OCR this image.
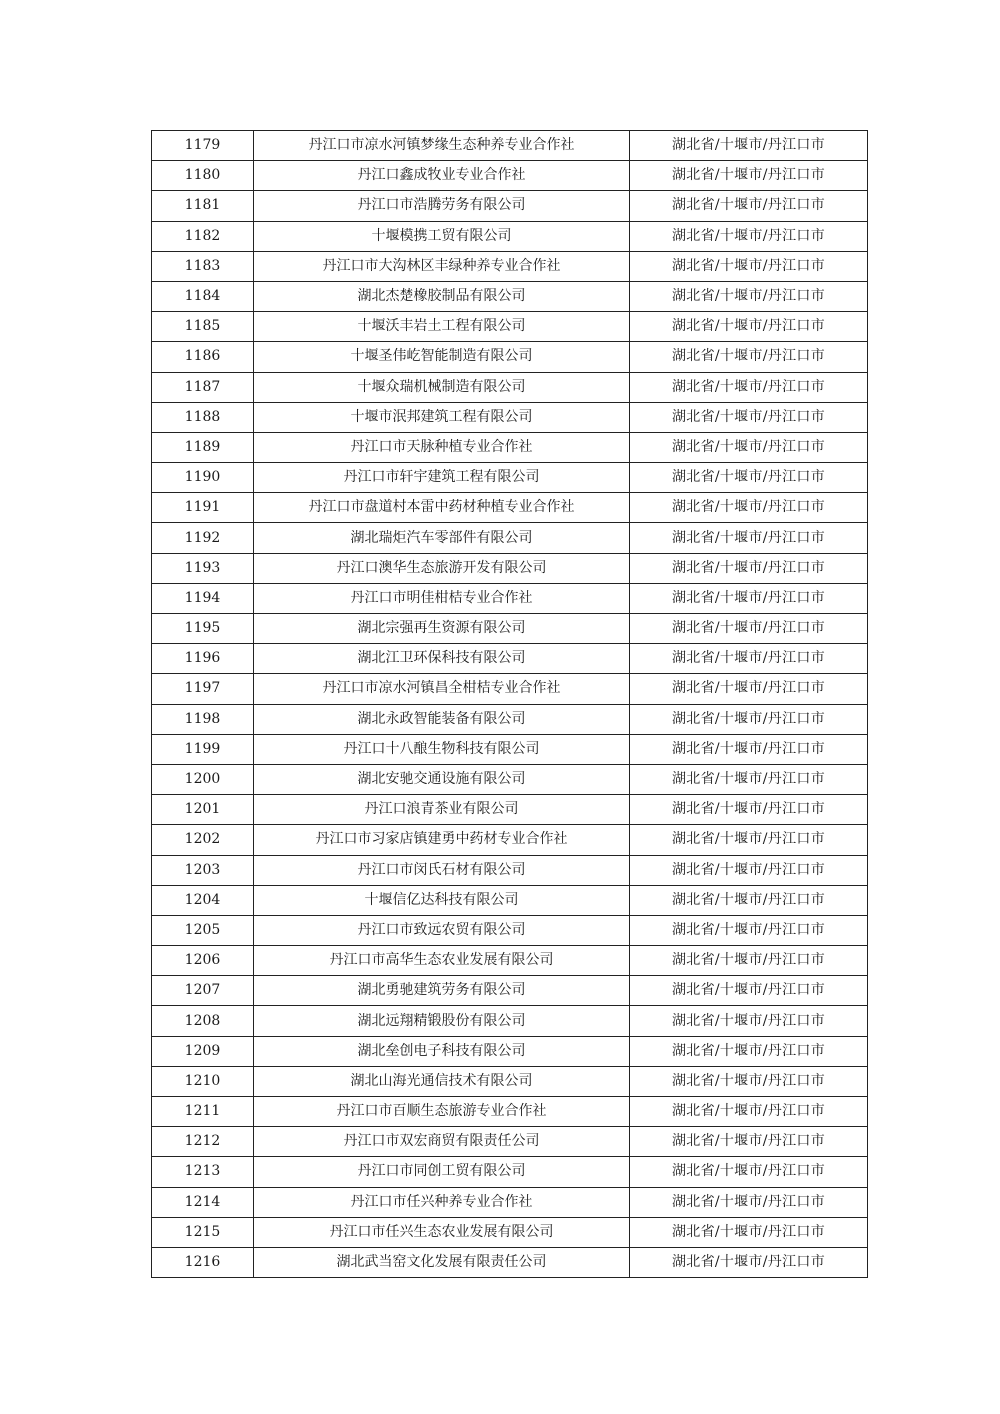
1179	丹江口市凉水河镇梦缘生态种养专业合作社	湖北省/十堰市/丹江口市
1180	丹江口鑫成牧业专业合作社	湖北省/十堰市/丹江口市
1181	丹江口市浩腾劳务有限公司	湖北省/十堰市/丹江口市
1182	十堰模携工贸有限公司	湖北省/十堰市/丹江口市
1183	丹江口市大沟林区丰绿种养专业合作社	湖北省/十堰市/丹江口市
1184	湖北杰楚橡胶制品有限公司	湖北省/十堰市/丹江口市
1185	十堰沃丰岩土工程有限公司	湖北省/十堰市/丹江口市
1186	十堰圣伟屹智能制造有限公司	湖北省/十堰市/丹江口市
1187	十堰众瑞机械制造有限公司	湖北省/十堰市/丹江口市
1188	十堰市泯邦建筑工程有限公司	湖北省/十堰市/丹江口市
1189	丹江口市天脉种植专业合作社	湖北省/十堰市/丹江口市
1190	丹江口市轩宇建筑工程有限公司	湖北省/十堰市/丹江口市
1191	丹江口市盘道村本雷中药材种植专业合作社	湖北省/十堰市/丹江口市
1192	湖北瑞炬汽车零部件有限公司	湖北省/十堰市/丹江口市
1193	丹江口澳华生态旅游开发有限公司	湖北省/十堰市/丹江口市
1194	丹江口市明佳柑桔专业合作社	湖北省/十堰市/丹江口市
1195	湖北宗强再生资源有限公司	湖北省/十堰市/丹江口市
1196	湖北江卫环保科技有限公司	湖北省/十堰市/丹江口市
1197	丹江口市凉水河镇昌全柑桔专业合作社	湖北省/十堰市/丹江口市
1198	湖北永政智能装备有限公司	湖北省/十堰市/丹江口市
1199	丹江口十八酿生物科技有限公司	湖北省/十堰市/丹江口市
1200	湖北安驰交通设施有限公司	湖北省/十堰市/丹江口市
1201	丹江口浪青茶业有限公司	湖北省/十堰市/丹江口市
1202	丹江口市习家店镇建勇中药材专业合作社	湖北省/十堰市/丹江口市
1203	丹江口市闵氏石材有限公司	湖北省/十堰市/丹江口市
1204	十堰信亿达科技有限公司	湖北省/十堰市/丹江口市
1205	丹江口市致远农贸有限公司	湖北省/十堰市/丹江口市
1206	丹江口市高华生态农业发展有限公司	湖北省/十堰市/丹江口市
1207	湖北勇驰建筑劳务有限公司	湖北省/十堰市/丹江口市
1208	湖北远翔精锻股份有限公司	湖北省/十堰市/丹江口市
1209	湖北垒创电子科技有限公司	湖北省/十堰市/丹江口市
1210	湖北山海光通信技术有限公司	湖北省/十堰市/丹江口市
1211	丹江口市百顺生态旅游专业合作社	湖北省/十堰市/丹江口市
1212	丹江口市双宏商贸有限责任公司	湖北省/十堰市/丹江口市
1213	丹江口市同创工贸有限公司	湖北省/十堰市/丹江口市
1214	丹江口市任兴种养专业合作社	湖北省/十堰市/丹江口市
1215	丹江口市任兴生态农业发展有限公司	湖北省/十堰市/丹江口市
1216	湖北武当窑文化发展有限责任公司	湖北省/十堰市/丹江口市
